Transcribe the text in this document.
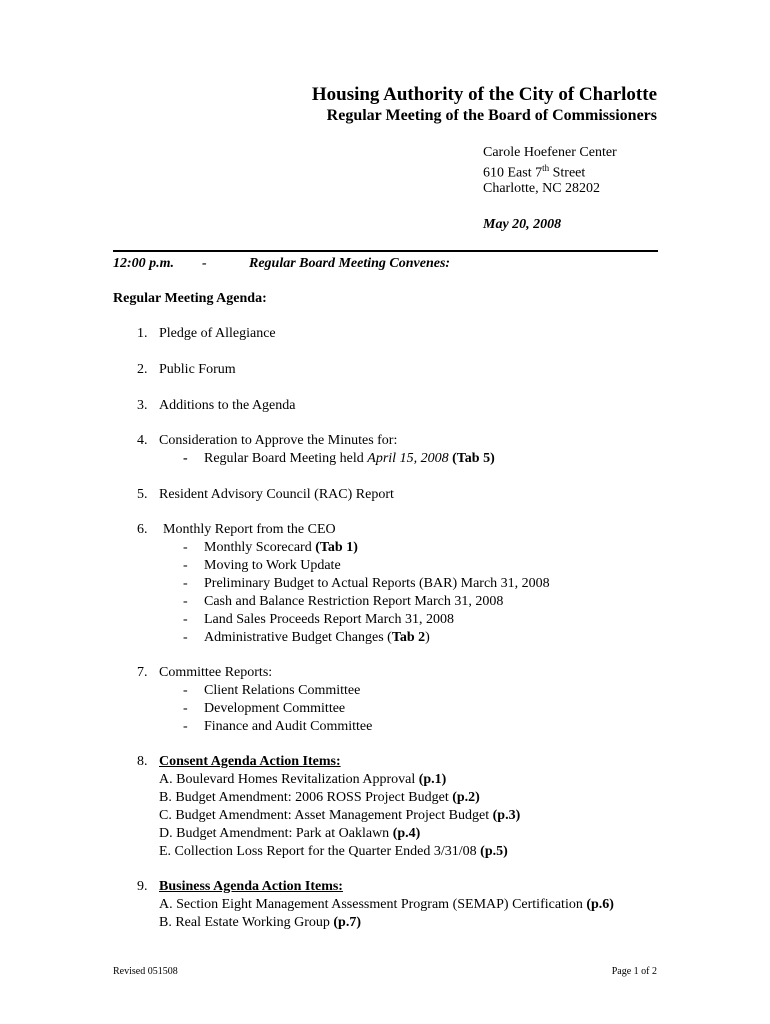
Housing Authority of the City of Charlotte
Regular Meeting of the Board of Commissioners
Carole Hoefener Center
610 East 7th Street
Charlotte, NC 28202
May 20, 2008
12:00 p.m. -	Regular Board Meeting Convenes:
Regular Meeting Agenda:
1. Pledge of Allegiance
2. Public Forum
3. Additions to the Agenda
4. Consideration to Approve the Minutes for:
- Regular Board Meeting held April 15, 2008 (Tab 5)
5. Resident Advisory Council (RAC) Report
6. Monthly Report from the CEO
- Monthly Scorecard (Tab 1)
- Moving to Work Update
- Preliminary Budget to Actual Reports (BAR) March 31, 2008
- Cash and Balance Restriction Report March 31, 2008
- Land Sales Proceeds Report March 31, 2008
- Administrative Budget Changes (Tab 2)
7. Committee Reports:
- Client Relations Committee
- Development Committee
- Finance and Audit Committee
8. Consent Agenda Action Items:
A. Boulevard Homes Revitalization Approval (p.1)
B. Budget Amendment: 2006 ROSS Project Budget (p.2)
C. Budget Amendment: Asset Management Project Budget (p.3)
D. Budget Amendment: Park at Oaklawn (p.4)
E. Collection Loss Report for the Quarter Ended 3/31/08 (p.5)
9. Business Agenda Action Items:
A. Section Eight Management Assessment Program (SEMAP) Certification (p.6)
B. Real Estate Working Group (p.7)
Revised 051508	Page 1 of 2
